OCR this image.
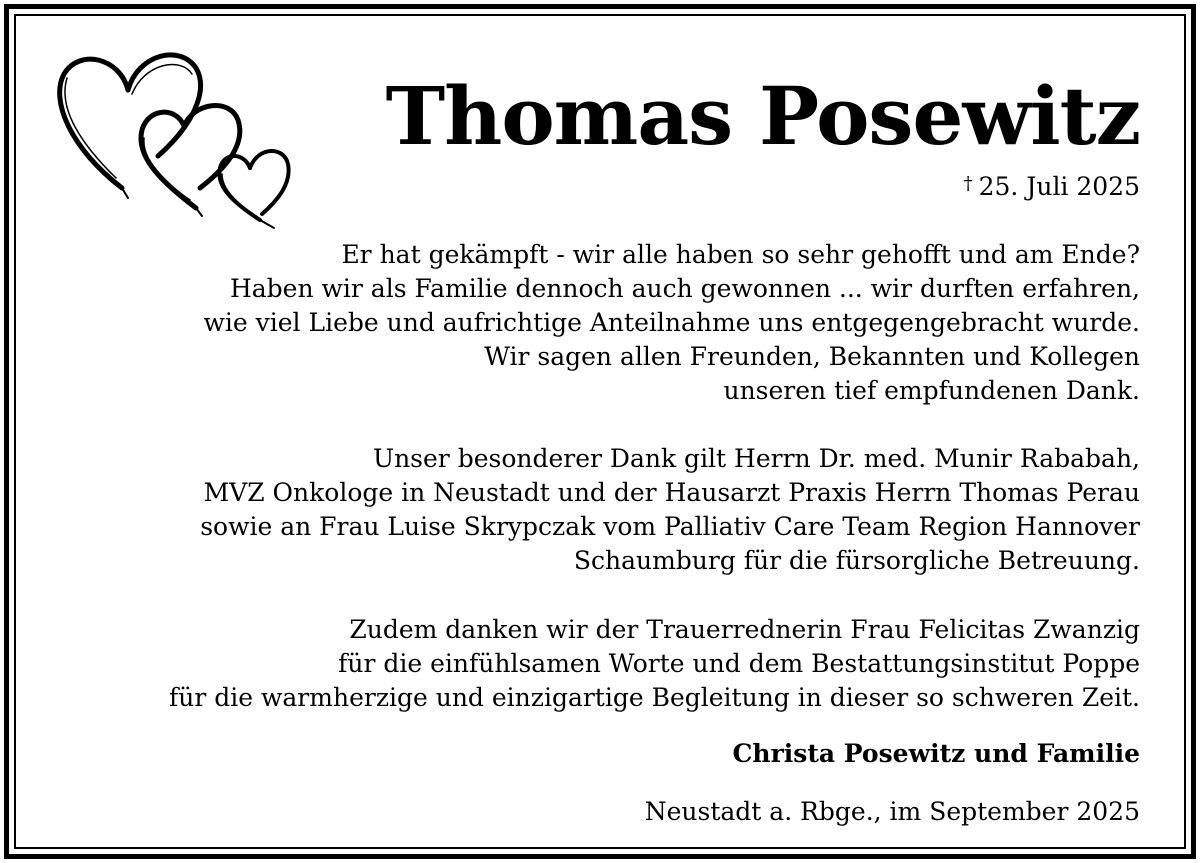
Thomas Posewitz
† 25. Juli 2025
Er hat gekämpft - wir alle haben so sehr gehofft und am Ende?
Haben wir als Familie dennoch auch gewonnen ... wir durften erfahren,
wie viel Liebe und aufrichtige Anteilnahme uns entgegengebracht wurde.
Wir sagen allen Freunden, Bekannten und Kollegen
unseren tief empfundenen Dank.
Unser besonderer Dank gilt Herrn Dr. med. Munir Rababah,
MVZ Onkologe in Neustadt und der Hausarzt Praxis Herrn Thomas Perau
sowie an Frau Luise Skrypczak vom Palliativ Care Team Region Hannover
Schaumburg für die fürsorgliche Betreuung.
Zudem danken wir der Trauerrednerin Frau Felicitas Zwanzig
für die einfühlsamen Worte und dem Bestattungsinstitut Poppe
für die warmherzige und einzigartige Begleitung in dieser so schweren Zeit.
Christa Posewitz und Familie
Neustadt a. Rbge., im September 2025
